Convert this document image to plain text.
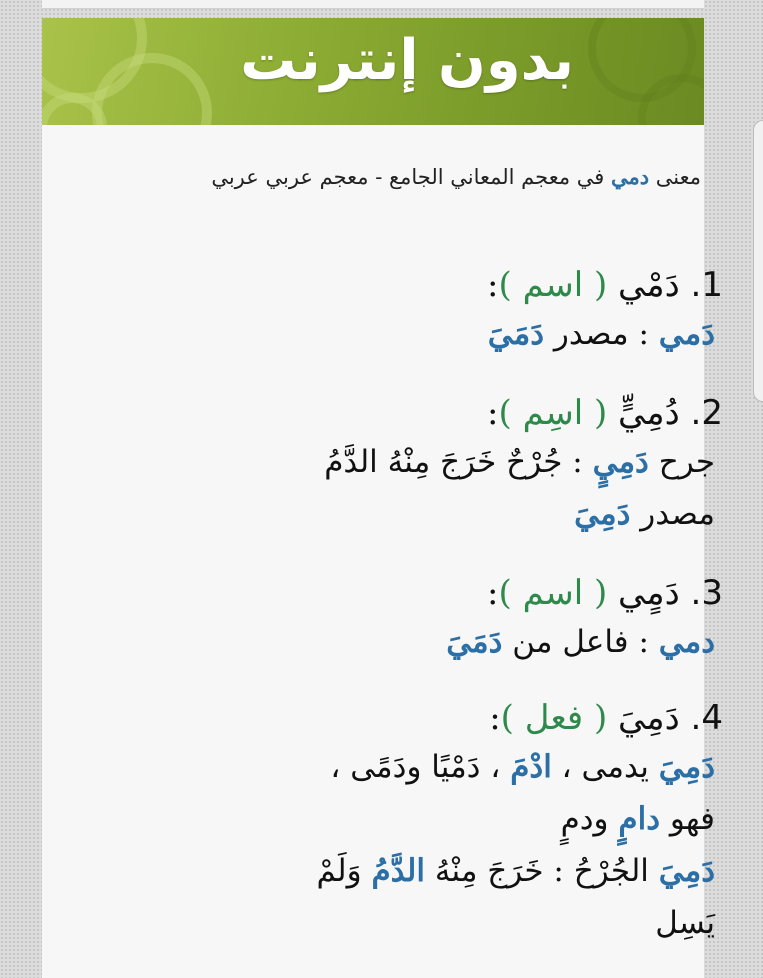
بدون إنترنت
معنى دمي في معجم المعاني الجامع - معجم عربي عربي
1. دَمْي ( اسم ):
دَمي : مصدر دَمَيَ
2. دُمِيٍّ ( اسِم ):
جرح دَمِيٍ : جُرْحٌ خَرَجَ مِنْهُ الدَّمُ
مصدر دَمِيَ
3. دَمٍي ( اسم ):
دمي : فاعل من دَمَيَ
4. دَمِيَ ( فعل ):
دَمِيَ يدمى ، ادْمَ ، دَمْيًا ودَمًى ،
فهو دامٍ ودمٍ
دَمِيَ الجُرْحُ : خَرَجَ مِنْهُ الدَّمُ وَلَمْ
يَسِل
